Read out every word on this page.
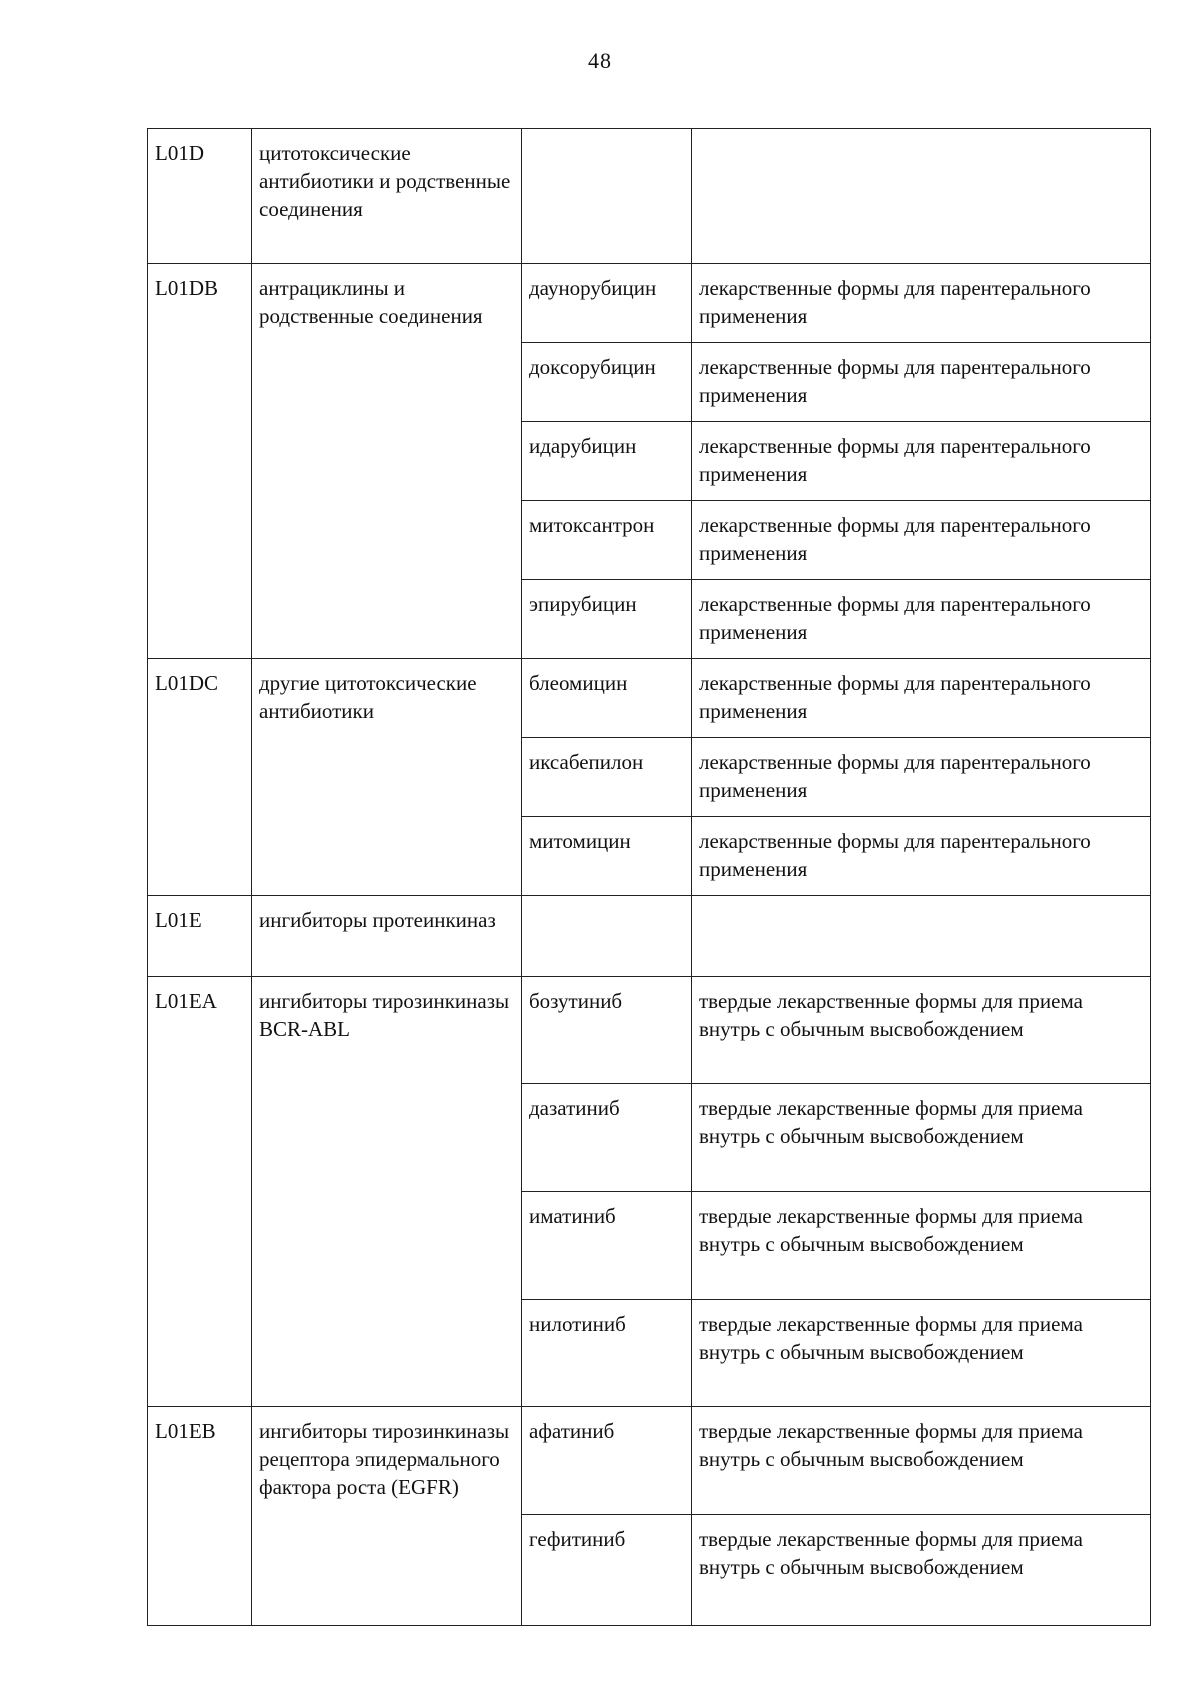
48
L01D	цитотоксические антибиотики и родственные соединения		
L01DB	антрациклины и родственные соединения	даунорубицин	лекарственные формы для парентерального применения
		доксорубицин	лекарственные формы для парентерального применения
		идарубицин	лекарственные формы для парентерального применения
		митоксантрон	лекарственные формы для парентерального применения
		эпирубицин	лекарственные формы для парентерального применения
L01DC	другие цитотоксические антибиотики	блеомицин	лекарственные формы для парентерального применения
		иксабепилон	лекарственные формы для парентерального применения
		митомицин	лекарственные формы для парентерального применения
L01E	ингибиторы протеинкиназ		
L01EA	ингибиторы тирозинкиназы BCR-ABL	бозутиниб	твердые лекарственные формы для приема внутрь с обычным высвобождением
		дазатиниб	твердые лекарственные формы для приема внутрь с обычным высвобождением
		иматиниб	твердые лекарственные формы для приема внутрь с обычным высвобождением
		нилотиниб	твердые лекарственные формы для приема внутрь с обычным высвобождением
L01EB	ингибиторы тирозинкиназы рецептора эпидермального фактора роста (EGFR)	афатиниб	твердые лекарственные формы для приема внутрь с обычным высвобождением
		гефитиниб	твердые лекарственные формы для приема внутрь с обычным высвобождением
